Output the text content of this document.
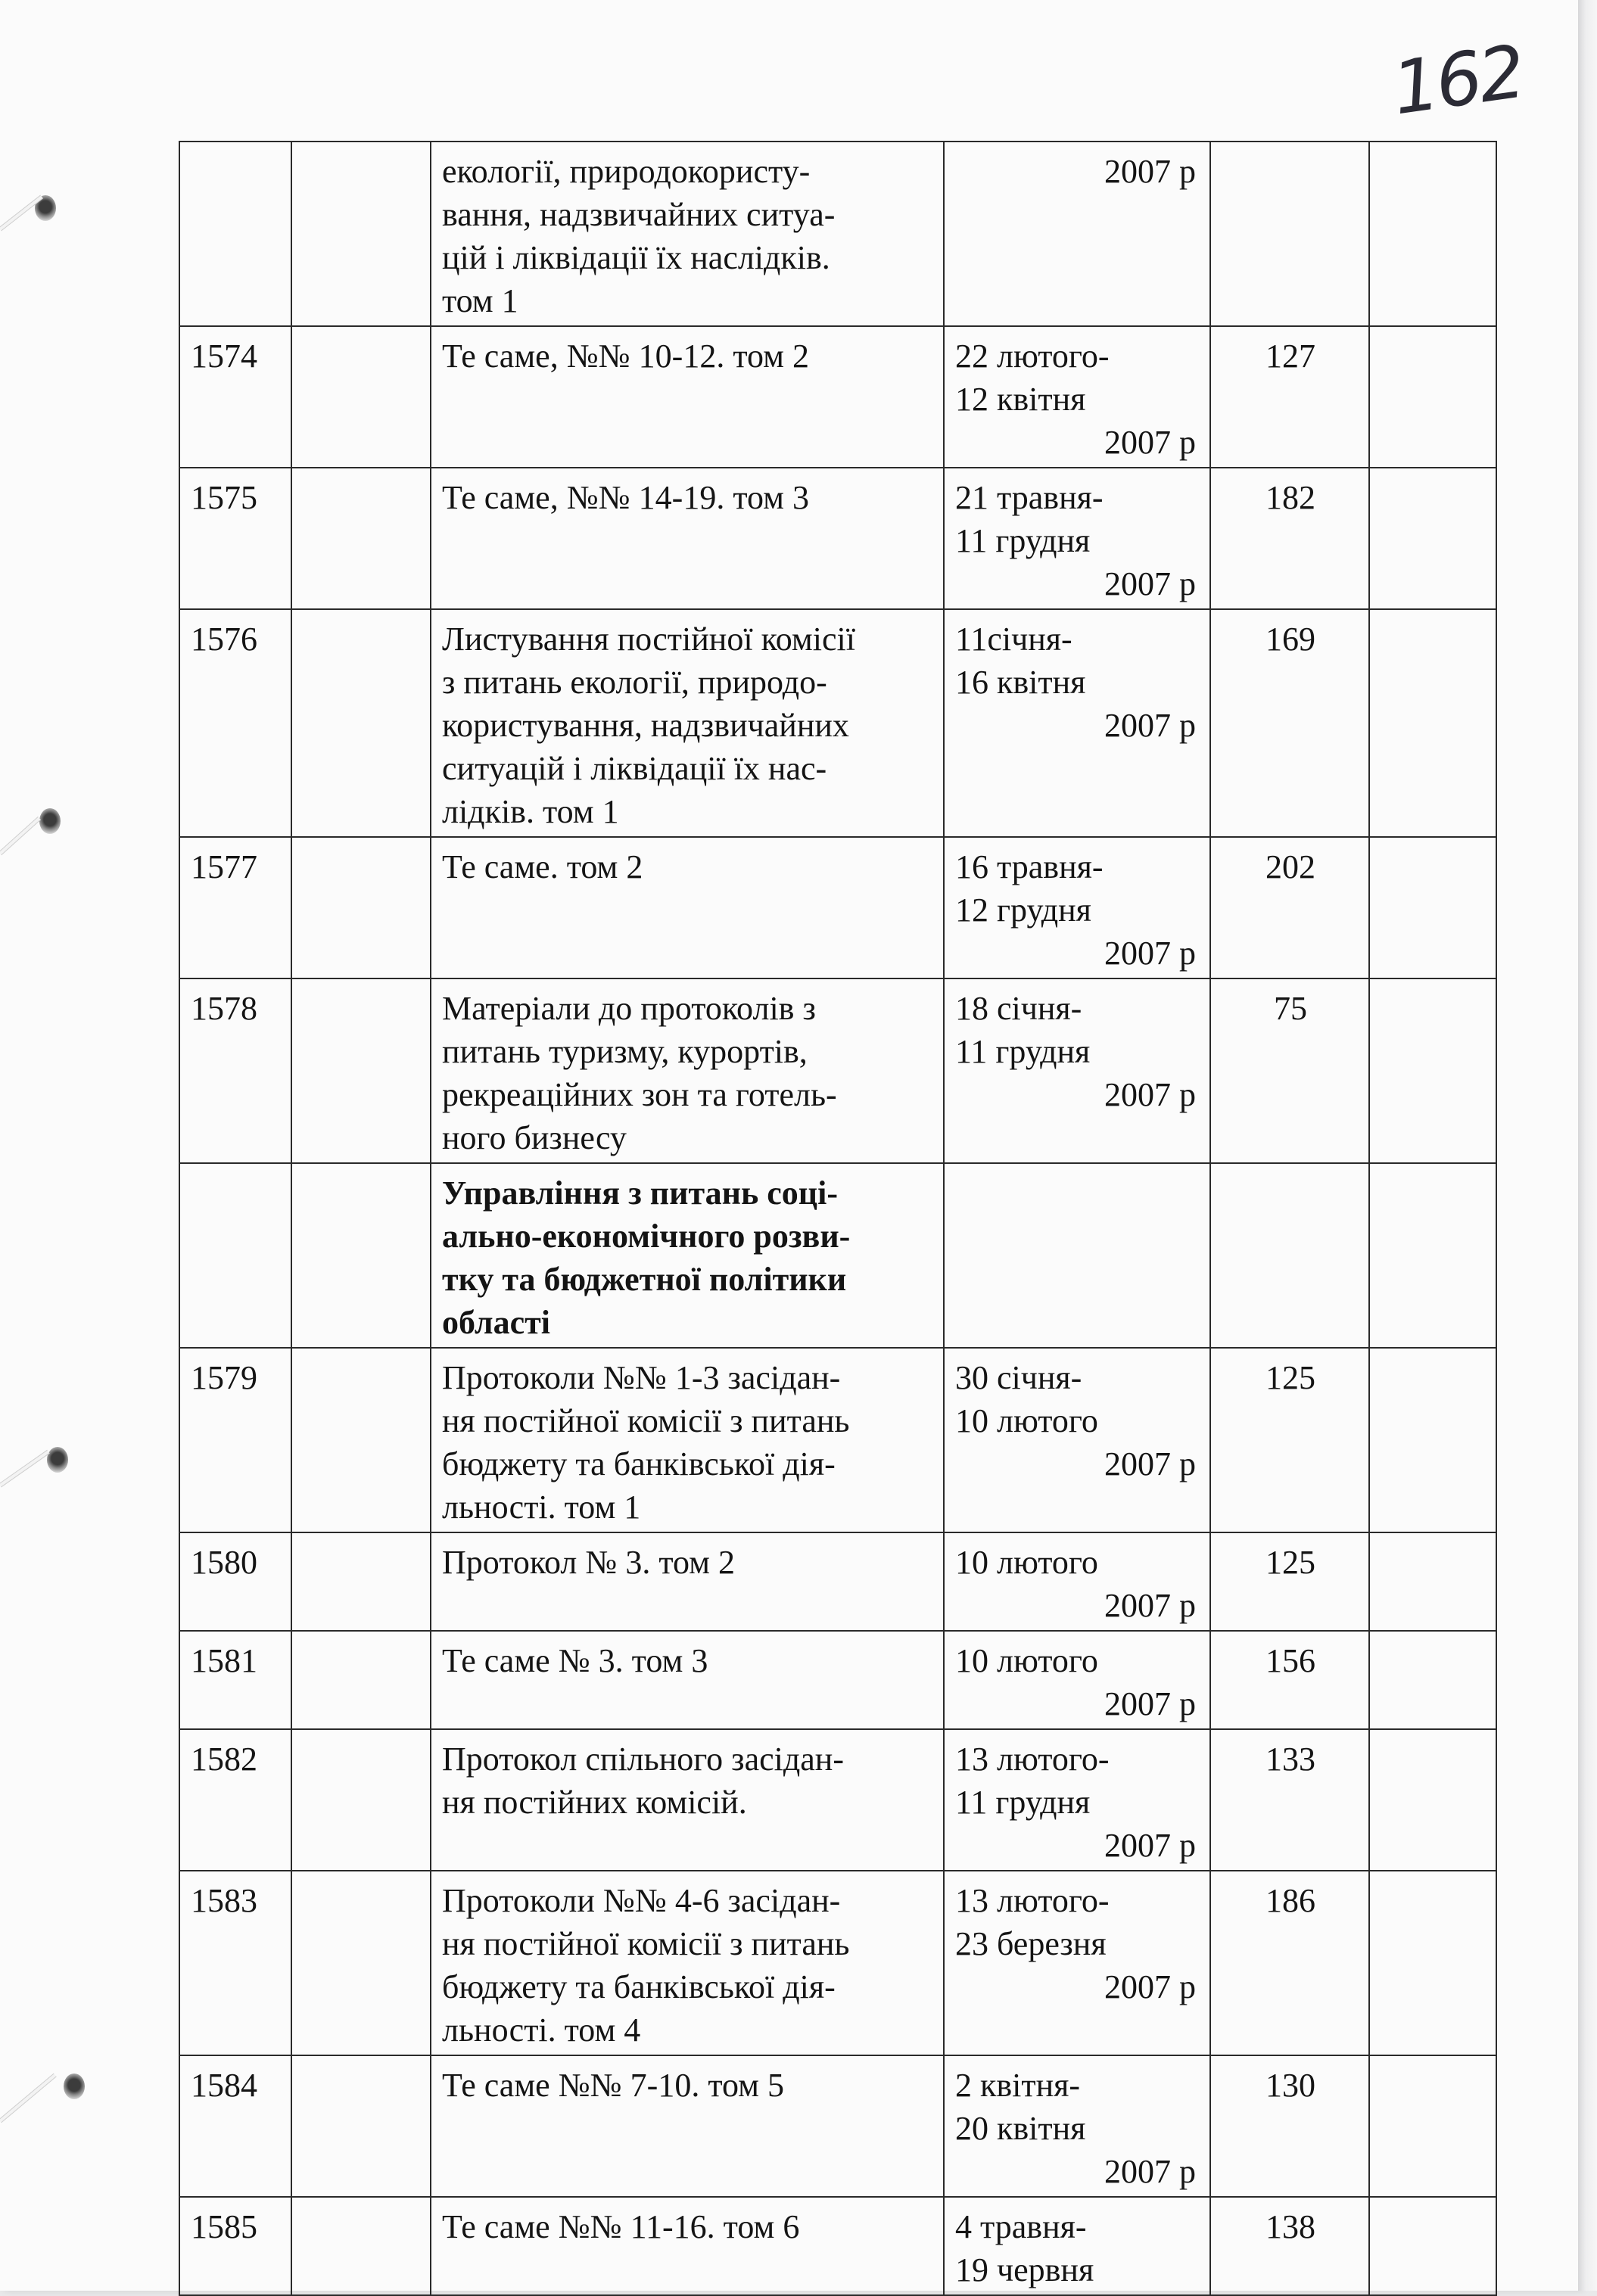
162
		екології, природокористу-
вання, надзвичайних ситуа-
цій і ліквідації їх наслідків.
том 1	2007 р		

1574		Те саме, №№ 10-12. том 2	22 лютого-
12 квітня
2007 р	127	
1575		Те саме, №№ 14-19. том 3	21 травня-
11 грудня
2007 р	182	
1576		Листування постійної комісії
з питань екології, природо-
користування, надзвичайних
ситуацій і ліквідації їх нас-
лідків. том 1	11січня-
16 квітня
2007 р	169	
1577		Те саме. том 2	16 травня-
12 грудня
2007 р	202	
1578		Матеріали до протоколів з
питань туризму, курортів,
рекреаційних зон та готель-
ного бизнесу	18 січня-
11 грудня
2007 р	75	
		Управління з питань соці-
ально-економічного розви-
тку та бюджетної політики
області			
1579		Протоколи №№ 1-3 засідан-
ня постійної комісії з питань
бюджету та банківської дія-
льності. том 1	30 січня-
10 лютого
2007 р	125	
1580		Протокол № 3. том 2	10 лютого
2007 р	125	
1581		Те саме № 3. том 3	10 лютого
2007 р	156	
1582		Протокол спільного засідан-
ня постійних комісій.	13 лютого-
11 грудня
2007 р	133	
1583		Протоколи №№ 4-6 засідан-
ня постійної комісії з питань
бюджету та банківської дія-
льності. том 4	13 лютого-
23 березня
2007 р	186	
1584		Те саме №№ 7-10. том 5	2 квітня-
20 квітня
2007 р	130	
1585		Те саме №№ 11-16. том 6	4 травня-
19 червня	138	
